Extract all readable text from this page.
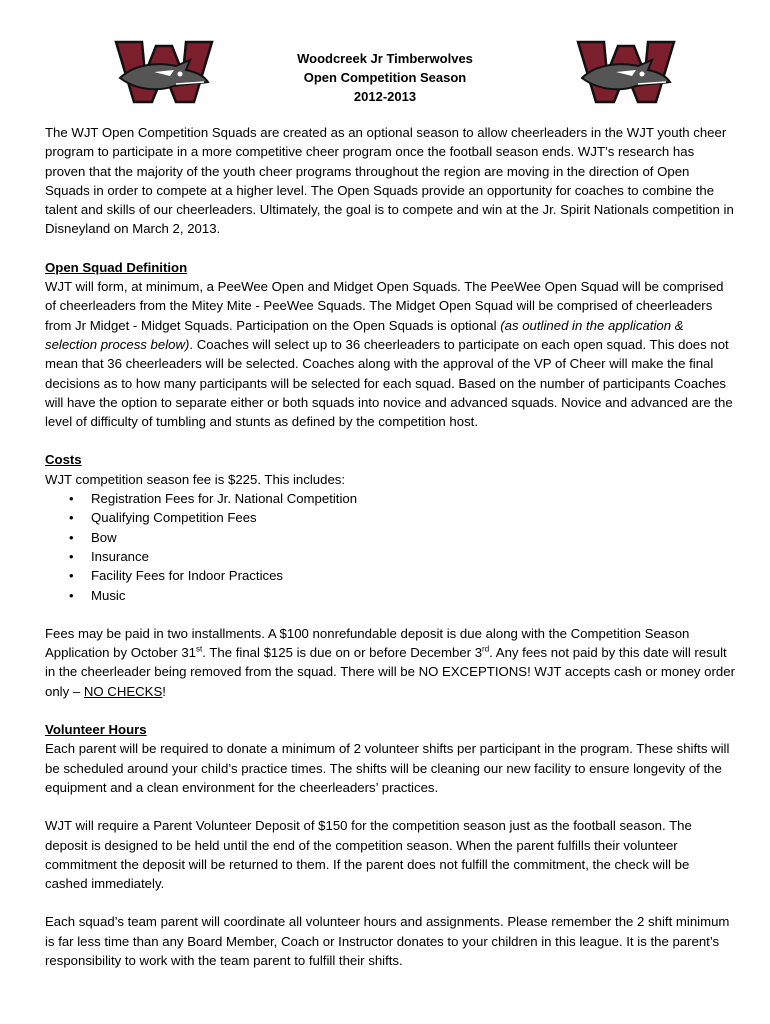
Woodcreek Jr Timberwolves
Open Competition Season
2012-2013

The WJT Open Competition Squads are created as an optional season to allow cheerleaders in the WJT youth cheer program to participate in a more competitive cheer program once the football season ends. WJT’s research has proven that the majority of the youth cheer programs throughout the region are moving in the direction of Open Squads in order to compete at a higher level. The Open Squads provide an opportunity for coaches to combine the talent and skills of our cheerleaders. Ultimately, the goal is to compete and win at the Jr. Spirit Nationals competition in Disneyland on March 2, 2013.

Open Squad Definition

WJT will form, at minimum, a PeeWee Open and Midget Open Squads. The PeeWee Open Squad will be comprised of cheerleaders from the Mitey Mite - PeeWee Squads. The Midget Open Squad will be comprised of cheerleaders from Jr Midget - Midget Squads. Participation on the Open Squads is optional (as outlined in the application & selection process below). Coaches will select up to 36 cheerleaders to participate on each open squad. This does not mean that 36 cheerleaders will be selected. Coaches along with the approval of the VP of Cheer will make the final decisions as to how many participants will be selected for each squad. Based on the number of participants Coaches will have the option to separate either or both squads into novice and advanced squads. Novice and advanced are the level of difficulty of tumbling and stunts as defined by the competition host.

Costs

WJT competition season fee is $225. This includes:

• Registration Fees for Jr. National Competition
• Qualifying Competition Fees
• Bow
• Insurance
• Facility Fees for Indoor Practices
• Music

Fees may be paid in two installments. A $100 nonrefundable deposit is due along with the Competition Season Application by October 31st. The final $125 is due on or before December 3rd. Any fees not paid by this date will result in the cheerleader being removed from the squad. There will be NO EXCEPTIONS! WJT accepts cash or money order only – NO CHECKS!

Volunteer Hours

Each parent will be required to donate a minimum of 2 volunteer shifts per participant in the program. These shifts will be scheduled around your child’s practice times. The shifts will be cleaning our new facility to ensure longevity of the equipment and a clean environment for the cheerleaders’ practices.

WJT will require a Parent Volunteer Deposit of $150 for the competition season just as the football season. The deposit is designed to be held until the end of the competition season. When the parent fulfills their volunteer commitment the deposit will be returned to them. If the parent does not fulfill the commitment, the check will be cashed immediately.

Each squad’s team parent will coordinate all volunteer hours and assignments. Please remember the 2 shift minimum is far less time than any Board Member, Coach or Instructor donates to your children in this league. It is the parent’s responsibility to work with the team parent to fulfill their shifts.
